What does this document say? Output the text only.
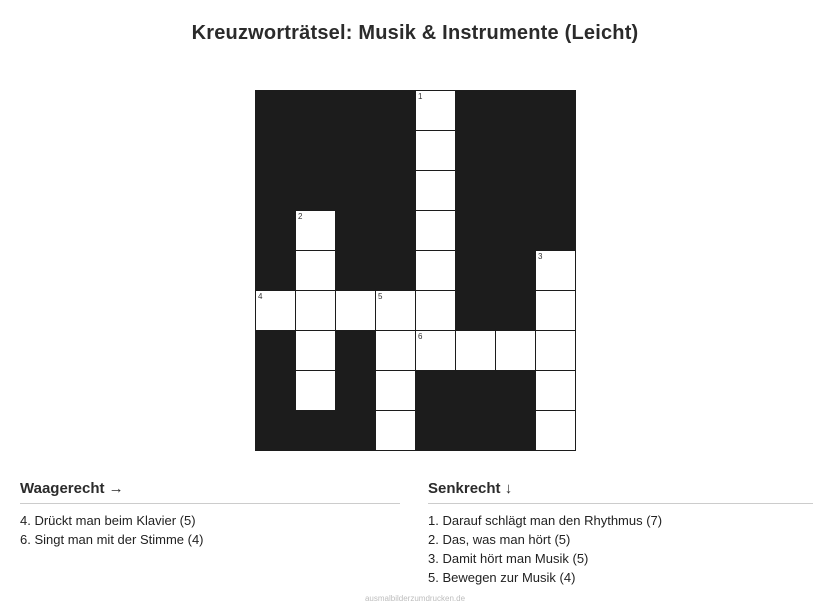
Kreuzworträtsel: Musik & Instrumente (Leicht)

				1			

	2						

							3

4			5				

				6			

Waagerecht →
4. Drückt man beim Klavier (5)
6. Singt man mit der Stimme (4)
Senkrecht ↓
1. Darauf schlägt man den Rhythmus (7)
2. Das, was man hört (5)
3. Damit hört man Musik (5)
5. Bewegen zur Musik (4)
ausmalbilderzumdrucken.de
